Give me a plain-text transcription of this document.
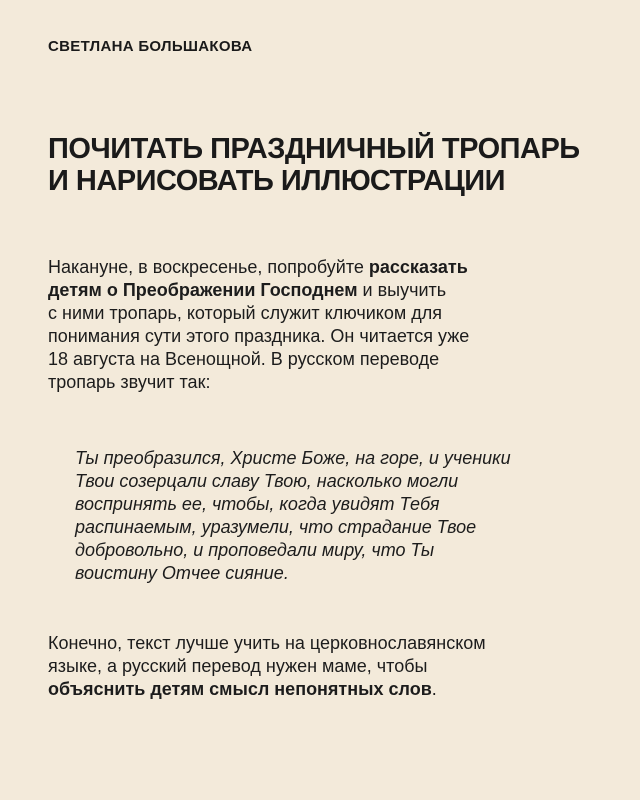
СВЕТЛАНА БОЛЬШАКОВА

ПОЧИТАТЬ ПРАЗДНИЧНЫЙ ТРОПАРЬ
И НАРИСОВАТЬ ИЛЛЮСТРАЦИИ

Накануне, в воскресенье, попробуйте рассказать
детям о Преображении Господнем и выучить
с ними тропарь, который служит ключиком для
понимания сути этого праздника. Он читается уже
18 августа на Всенощной. В русском переводе
тропарь звучит так:

Ты преобразился, Христе Боже, на горе, и ученики
Твои созерцали славу Твою, насколько могли
воспринять ее, чтобы, когда увидят Тебя
распинаемым, уразумели, что страдание Твое
добровольно, и проповедали миру, что Ты
воистину Отчее сияние.

Конечно, текст лучше учить на церковнославянском
языке, а русский перевод нужен маме, чтобы
объяснить детям смысл непонятных слов.
